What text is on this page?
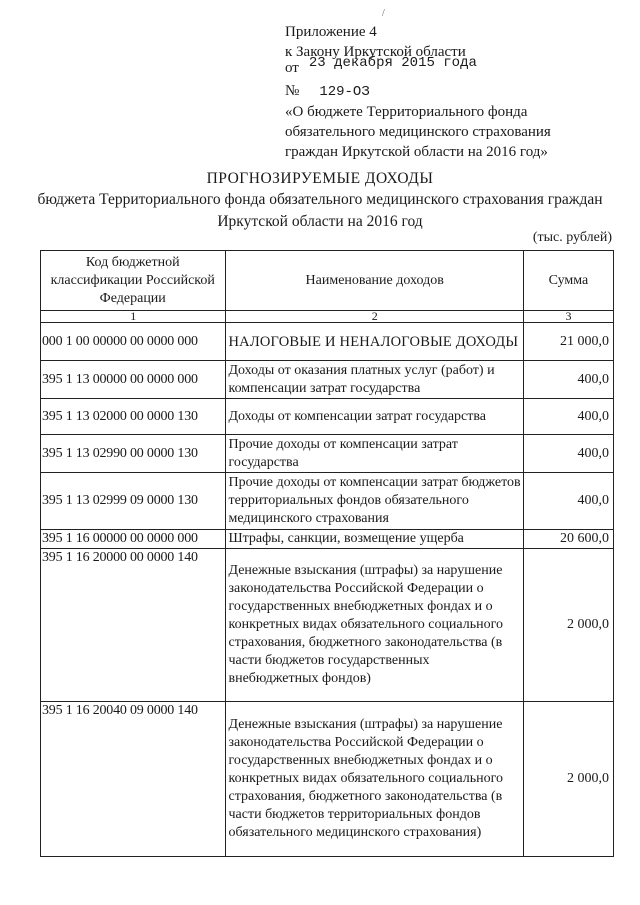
/
Приложение 4
к Закону Иркутской области
от 23 декабря 2015 года
№ 129-ОЗ
«О бюджете Территориального фонда
обязательного медицинского страхования
граждан Иркутской области на 2016 год»
ПРОГНОЗИРУЕМЫЕ ДОХОДЫ
бюджета Территориального фонда обязательного медицинского страхования граждан
Иркутской области на 2016 год
(тыс. рублей)
Код бюджетной классификации Российской Федерации	Наименование доходов	Сумма
1	2	3
000 1 00 00000 00 0000 000	НАЛОГОВЫЕ И НЕНАЛОГОВЫЕ ДОХОДЫ	21 000,0
395 1 13 00000 00 0000 000	Доходы от оказания платных услуг (работ) и компенсации затрат государства	400,0
395 1 13 02000 00 0000 130	Доходы от компенсации затрат государства	400,0
395 1 13 02990 00 0000 130	Прочие доходы от компенсации затрат государства	400,0
395 1 13 02999 09 0000 130	Прочие доходы от компенсации затрат бюджетов территориальных фондов обязательного медицинского страхования	400,0
395 1 16 00000 00 0000 000	Штрафы, санкции, возмещение ущерба	20 600,0
395 1 16 20000 00 0000 140	Денежные взыскания (штрафы) за нарушение законодательства Российской Федерации о государственных внебюджетных фондах и о конкретных видах обязательного социального страхования, бюджетного законодательства (в части бюджетов государственных внебюджетных фондов)	2 000,0
395 1 16 20040 09 0000 140	Денежные взыскания (штрафы) за нарушение законодательства Российской Федерации о государственных внебюджетных фондах и о конкретных видах обязательного социального страхования, бюджетного законодательства (в части бюджетов территориальных фондов обязательного медицинского страхования)	2 000,0
